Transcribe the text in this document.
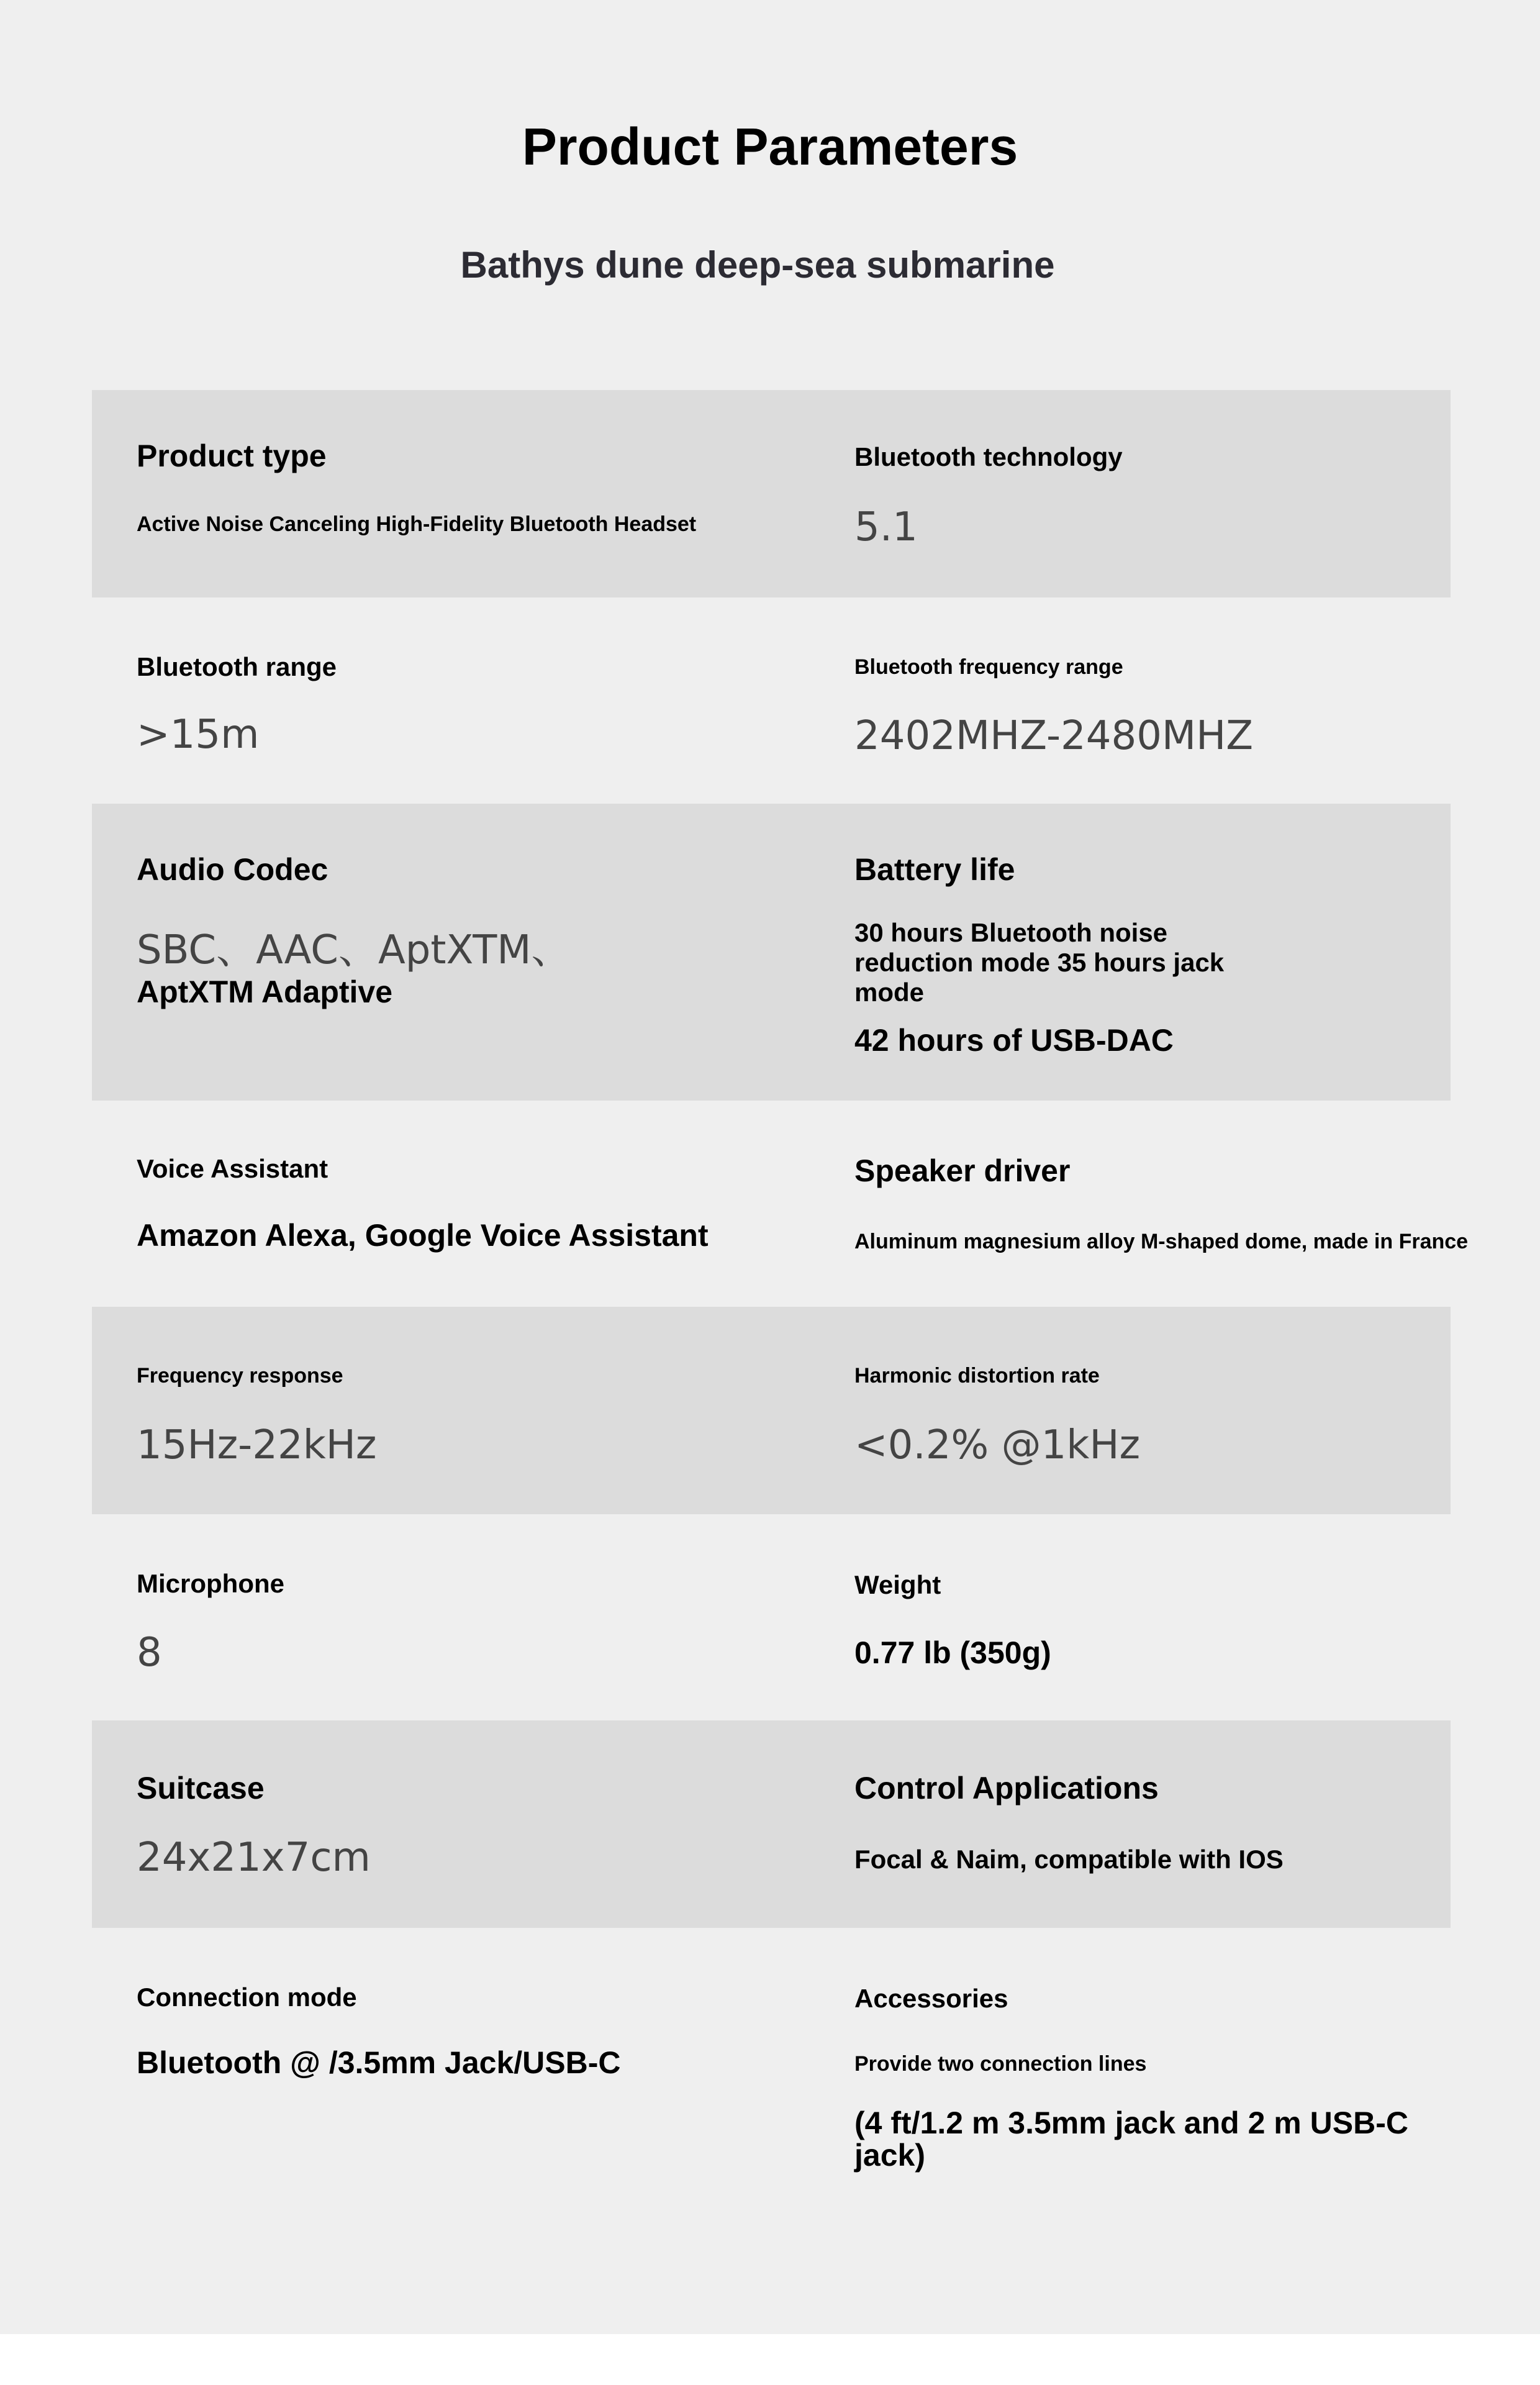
Product Parameters
Bathys dune deep-sea submarine
Product type
Active Noise Canceling High-Fidelity Bluetooth Headset
Bluetooth technology
5.1
Bluetooth range
>15m
Bluetooth frequency range
2402MHZ-2480MHZ
Audio Codec
SBC、AAC、AptXTM、
AptXTM Adaptive
Battery life
30 hours Bluetooth noise reduction mode 35 hours jack mode
42 hours of USB-DAC
Voice Assistant
Amazon Alexa, Google Voice Assistant
Speaker driver
Aluminum magnesium alloy M-shaped dome, made in France
Frequency response
15Hz-22kHz
Harmonic distortion rate
<0.2% @1kHz
Microphone
8
Weight
0.77 lb (350g)
Suitcase
24x21x7cm
Control Applications
Focal & Naim, compatible with IOS
Connection mode
Bluetooth @ /3.5mm Jack/USB-C
Accessories
Provide two connection lines
(4 ft/1.2 m 3.5mm jack and 2 m USB-C jack)
